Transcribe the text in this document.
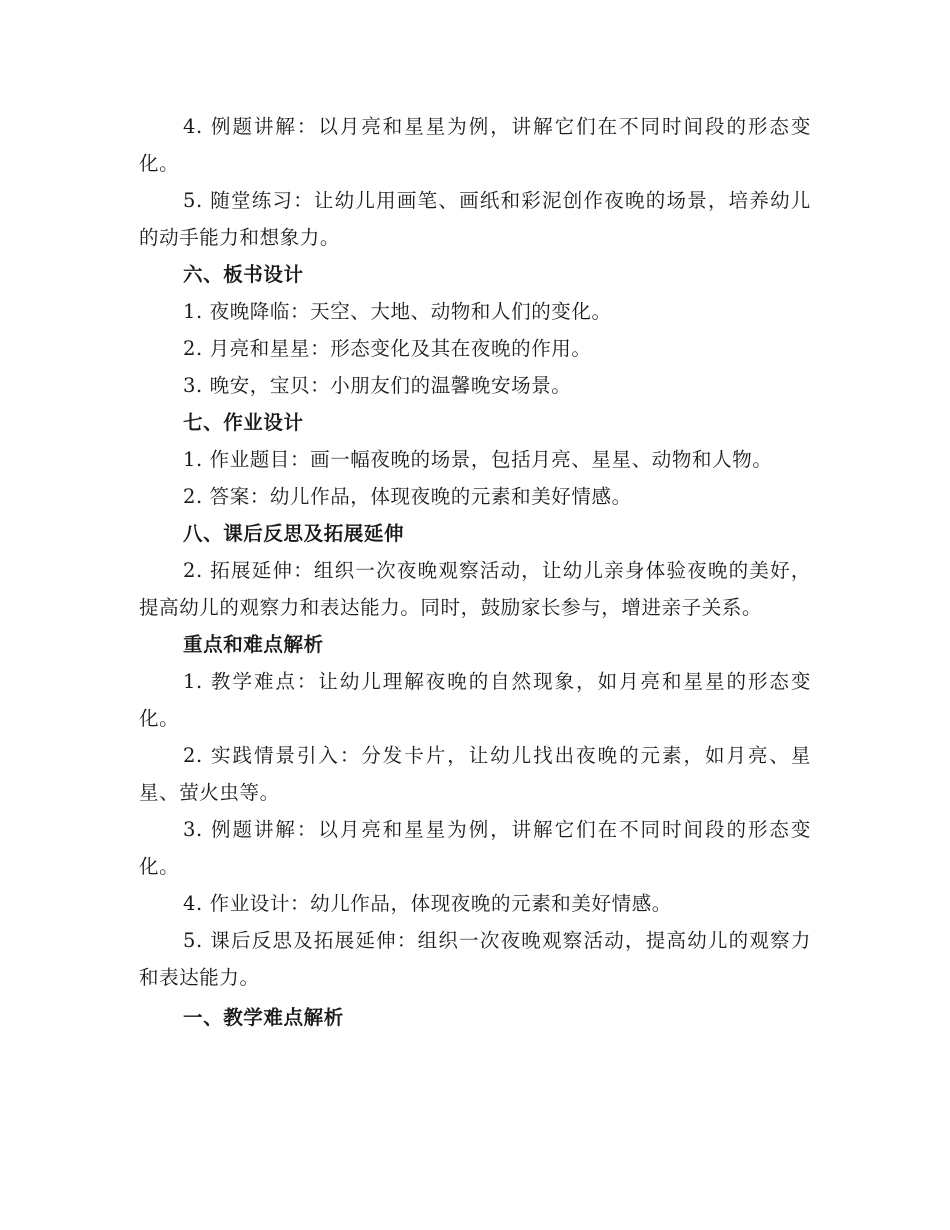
4. 例题讲解：以月亮和星星为例，讲解它们在不同时间段的形态变化。

5. 随堂练习：让幼儿用画笔、画纸和彩泥创作夜晚的场景，培养幼儿的动手能力和想象力。

六、板书设计

1. 夜晚降临：天空、大地、动物和人们的变化。

2. 月亮和星星：形态变化及其在夜晚的作用。

3. 晚安，宝贝：小朋友们的温馨晚安场景。

七、作业设计

1. 作业题目：画一幅夜晚的场景，包括月亮、星星、动物和人物。

2. 答案：幼儿作品，体现夜晚的元素和美好情感。

八、课后反思及拓展延伸

2. 拓展延伸：组织一次夜晚观察活动，让幼儿亲身体验夜晚的美好，提高幼儿的观察力和表达能力。同时，鼓励家长参与，增进亲子关系。

重点和难点解析

1. 教学难点：让幼儿理解夜晚的自然现象，如月亮和星星的形态变化。

2. 实践情景引入：分发卡片，让幼儿找出夜晚的元素，如月亮、星星、萤火虫等。

3. 例题讲解：以月亮和星星为例，讲解它们在不同时间段的形态变化。

4. 作业设计：幼儿作品，体现夜晚的元素和美好情感。

5. 课后反思及拓展延伸：组织一次夜晚观察活动，提高幼儿的观察力和表达能力。

一、教学难点解析
